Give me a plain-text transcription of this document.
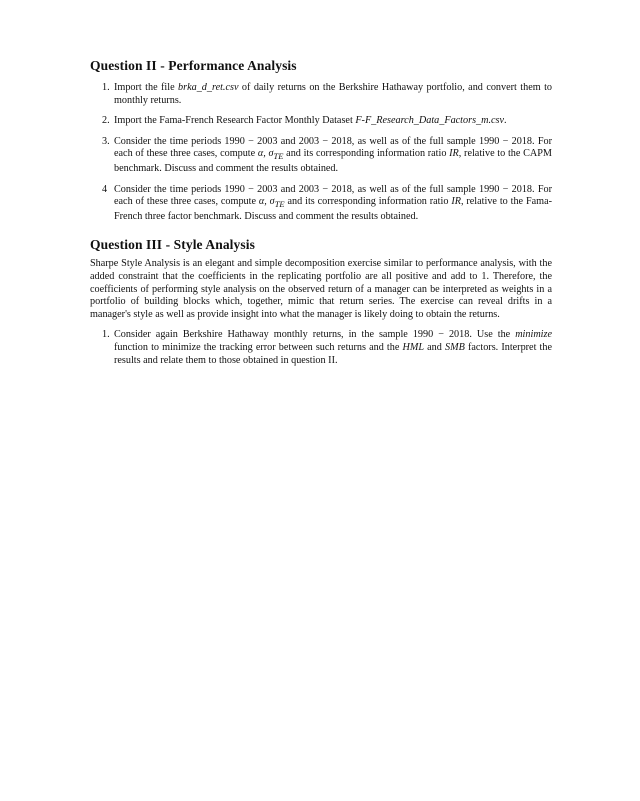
Question II - Performance Analysis
1. Import the file brka_d_ret.csv of daily returns on the Berkshire Hathaway portfolio, and convert them to monthly returns.
2. Import the Fama-French Research Factor Monthly Dataset F-F_Research_Data_Factors_m.csv.
3. Consider the time periods 1990 − 2003 and 2003 − 2018, as well as of the full sample 1990 − 2018. For each of these three cases, compute α, $\sigma_{TE}$ and its corresponding information ratio IR, relative to the CAPM benchmark. Discuss and comment the results obtained.
4 Consider the time periods 1990 − 2003 and 2003 − 2018, as well as of the full sample 1990 − 2018. For each of these three cases, compute α, $\sigma_{TE}$ and its corresponding information ratio IR, relative to the Fama-French three factor benchmark. Discuss and comment the results obtained.
Question III - Style Analysis

Sharpe Style Analysis is an elegant and simple decomposition exercise similar to performance analysis, with the added constraint that the coefficients in the replicating portfolio are all positive and add to 1. Therefore, the coefficients of performing style analysis on the observed return of a manager can be interpreted as weights in a portfolio of building blocks which, together, mimic that return series. The exercise can reveal drifts in a manager's style as well as provide insight into what the manager is likely doing to obtain the returns.

1. Consider again Berkshire Hathaway monthly returns, in the sample 1990 − 2018. Use the minimize function to minimize the tracking error between such returns and the HML and SMB factors. Interpret the results and relate them to those obtained in question II.
